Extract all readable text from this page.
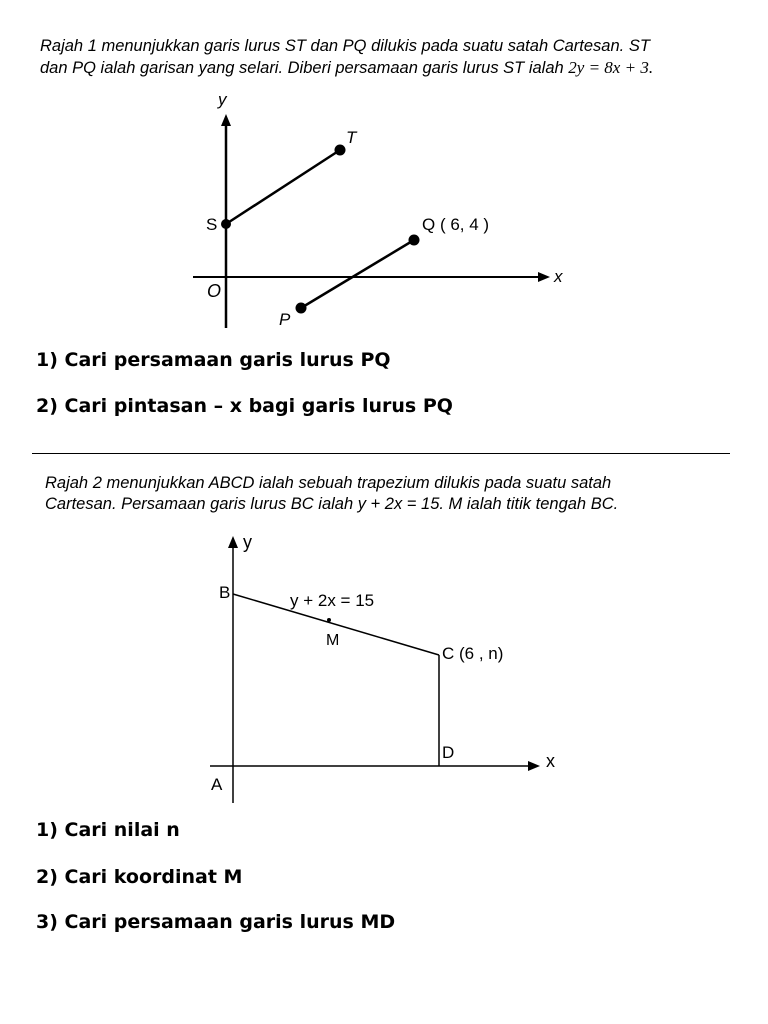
Rajah 1 menunjukkan garis lurus ST dan PQ dilukis pada suatu satah Cartesan. ST
dan PQ ialah garisan yang selari. Diberi persamaan garis lurus ST ialah 2y = 8x + 3.
y
x
O
S
T
P
Q ( 6, 4 )
1) Cari persamaan garis lurus PQ
2) Cari pintasan – x bagi garis lurus PQ
Rajah 2 menunjukkan ABCD ialah sebuah trapezium dilukis pada suatu satah
Cartesan. Persamaan garis lurus BC ialah y + 2x = 15. M ialah titik tengah BC.
y
x
A
B
C (6 , n)
D
M
y + 2x = 15
1) Cari nilai n
2) Cari koordinat M
3) Cari persamaan garis lurus MD
